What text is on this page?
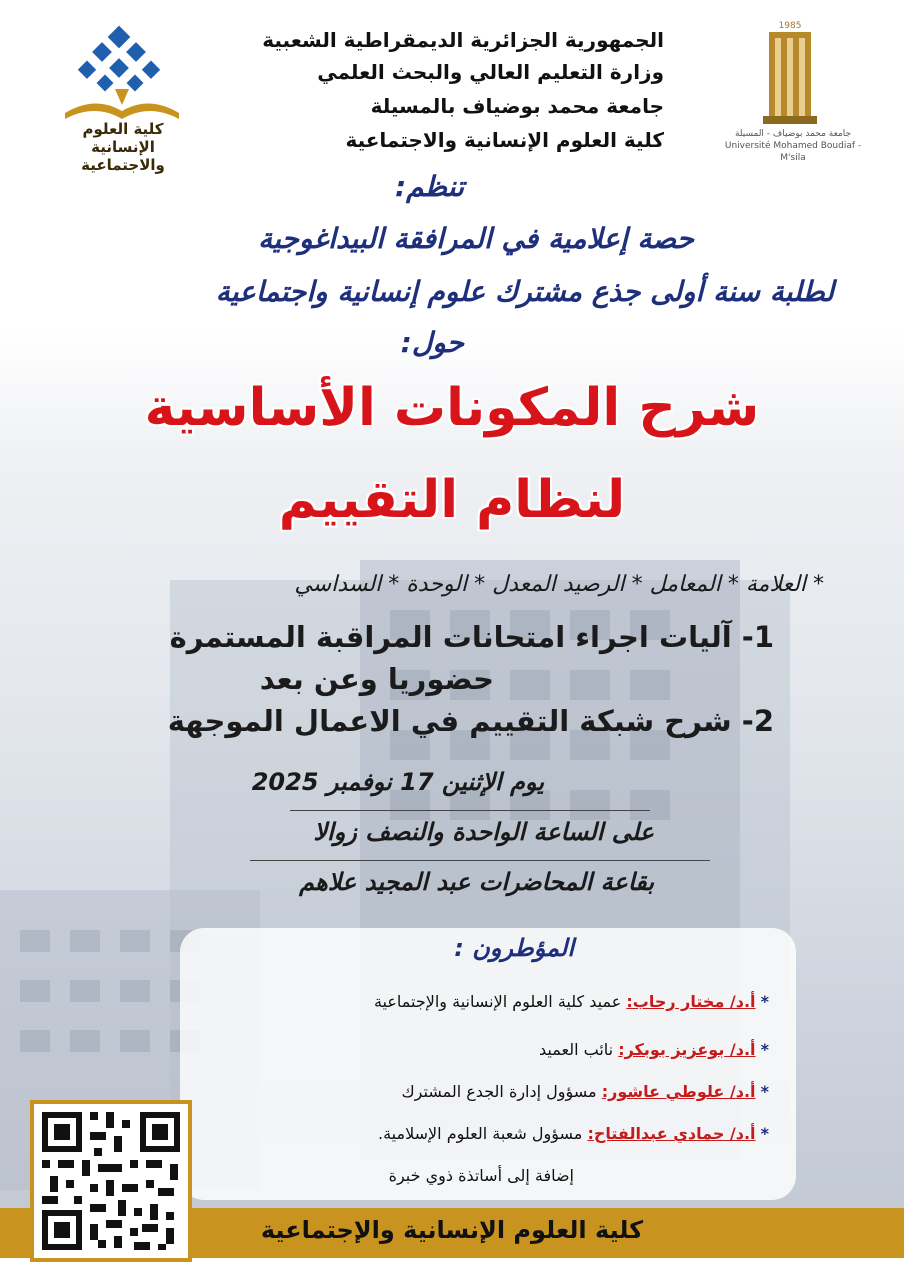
كلية العلوم
الإنسانية والاجتماعية
1985
جامعة محمد بوضياف - المسيلة
Université Mohamed Boudiaf - M'sila
الجمهورية الجزائرية الديمقراطية الشعبية
وزارة التعليم العالي والبحث العلمي
جامعة محمد بوضياف بالمسيلة
كلية العلوم الإنسانية والاجتماعية
تنظم:
حصة إعلامية في المرافقة البيداغوجية
لطلبة سنة أولى جذع مشترك علوم إنسانية واجتماعية
حول:
شرح المكونات الأساسية
لنظام التقييم
* العلامة * المعامل * الرصيد المعدل * الوحدة * السداسي
1- آليات اجراء امتحانات المراقبة المستمرة
حضوريا وعن بعد
2- شرح شبكة التقييم في الاعمال الموجهة
يوم الإثنين 17 نوفمبر 2025
على الساعة الواحدة والنصف زوالا
بقاعة المحاضرات عبد المجيد علاهم
المؤطرون :
* أ.د/ مختار رحاب: عميد كلية العلوم الإنسانية والإجتماعية
* أ.د/ بوعزيز بوبكر: نائب العميد
* أ.د/ علوطي عاشور: مسؤول إدارة الجدع المشترك
* أ.د/ حمادي عبدالفتاح: مسؤول شعبة العلوم الإسلامية.
إضافة إلى أساتذة ذوي خبرة
كلية العلوم الإنسانية والإجتماعية
